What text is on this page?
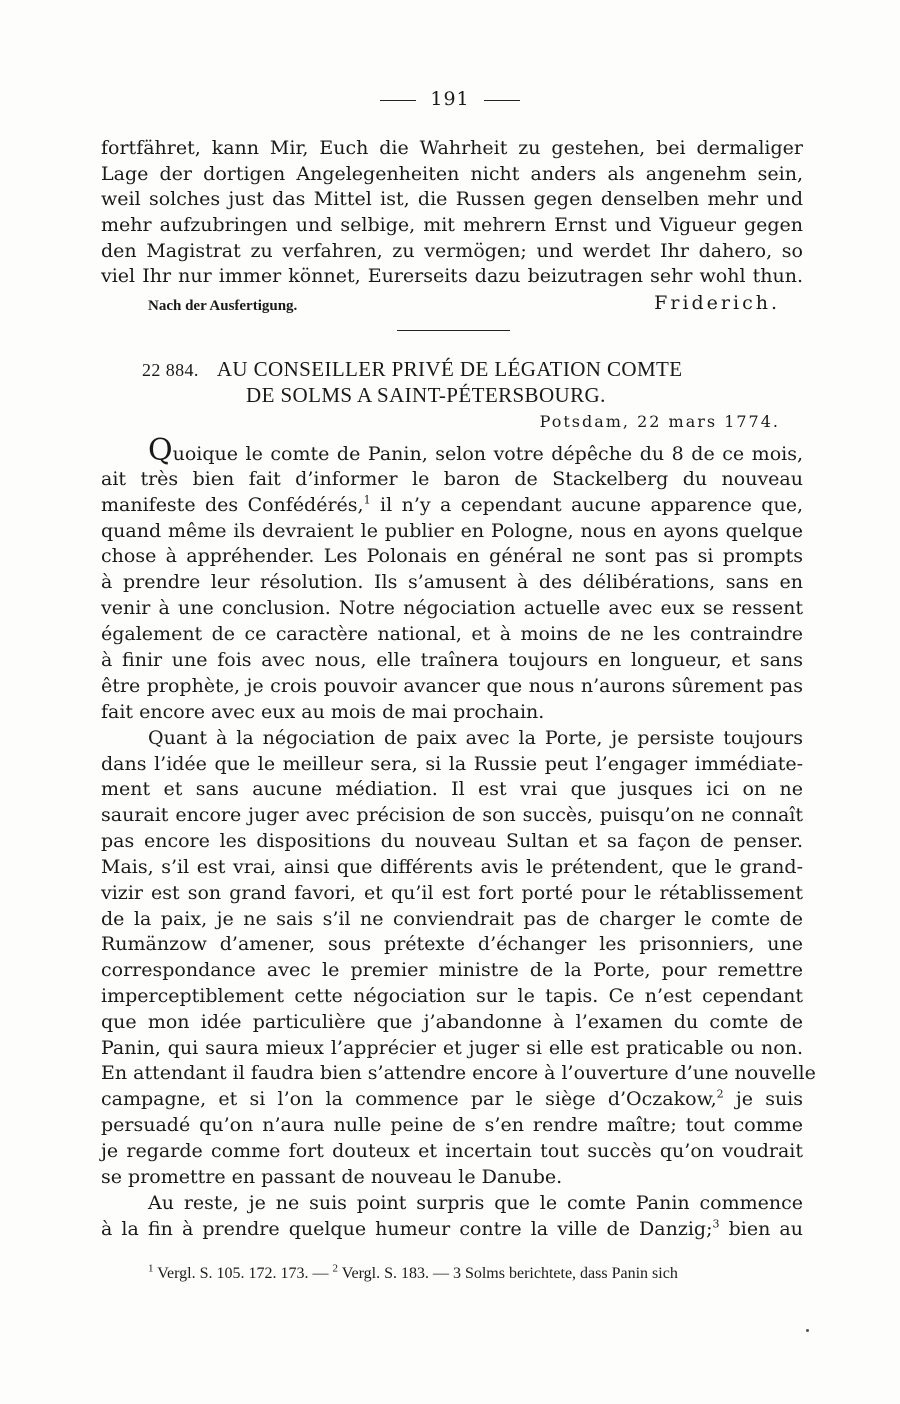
191
fortfähret, kann Mir, Euch die Wahrheit zu gestehen, bei dermaliger
Lage der dortigen Angelegenheiten nicht anders als angenehm sein,
weil solches just das Mittel ist, die Russen gegen denselben mehr und
mehr aufzubringen und selbige, mit mehrern Ernst und Vigueur gegen
den Magistrat zu verfahren, zu vermögen; und werdet Ihr dahero, so
viel Ihr nur immer könnet, Eurerseits dazu beizutragen sehr wohl thun.
Nach der Ausfertigung.	Friderich.
22 884. AU CONSEILLER PRIVÉ DE LÉGATION COMTE
DE SOLMS A SAINT-PÉTERSBOURG.
Potsdam, 22 mars 1774.
Quoique le comte de Panin, selon votre dépêche du 8 de ce mois,
ait très bien fait d’informer le baron de Stackelberg du nouveau
manifeste des Confédérés,$^1$ il n’y a cependant aucune apparence que,
quand même ils devraient le publier en Pologne, nous en ayons quelque
chose à appréhender. Les Polonais en général ne sont pas si prompts
à prendre leur résolution. Ils s’amusent à des délibérations, sans en
venir à une conclusion. Notre négociation actuelle avec eux se ressent
également de ce caractère national, et à moins de ne les contraindre
à finir une fois avec nous, elle traînera toujours en longueur, et sans
être prophète, je crois pouvoir avancer que nous n’aurons sûrement pas
fait encore avec eux au mois de mai prochain.
Quant à la négociation de paix avec la Porte, je persiste toujours
dans l’idée que le meilleur sera, si la Russie peut l’engager immédiate-
ment et sans aucune médiation. Il est vrai que jusques ici on ne
saurait encore juger avec précision de son succès, puisqu’on ne connaît
pas encore les dispositions du nouveau Sultan et sa façon de penser.
Mais, s’il est vrai, ainsi que différents avis le prétendent, que le grand-
vizir est son grand favori, et qu’il est fort porté pour le rétablissement
de la paix, je ne sais s’il ne conviendrait pas de charger le comte de
Rumänzow d’amener, sous prétexte d’échanger les prisonniers, une
correspondance avec le premier ministre de la Porte, pour remettre
imperceptiblement cette négociation sur le tapis. Ce n’est cependant
que mon idée particulière que j’abandonne à l’examen du comte de
Panin, qui saura mieux l’apprécier et juger si elle est praticable ou non.
En attendant il faudra bien s’attendre encore à l’ouverture d’une nouvelle
campagne, et si l’on la commence par le siège d’Oczakow,$^2$ je suis
persuadé qu’on n’aura nulle peine de s’en rendre maître; tout comme
je regarde comme fort douteux et incertain tout succès qu’on voudrait
se promettre en passant de nouveau le Danube.
Au reste, je ne suis point surpris que le comte Panin commence
à la fin à prendre quelque humeur contre la ville de Danzig;$^3$ bien au
$^1$ Vergl. S. 105. 172. 173. — $^2$ Vergl. S. 183. — 3 Solms berichtete, dass Panin sich
